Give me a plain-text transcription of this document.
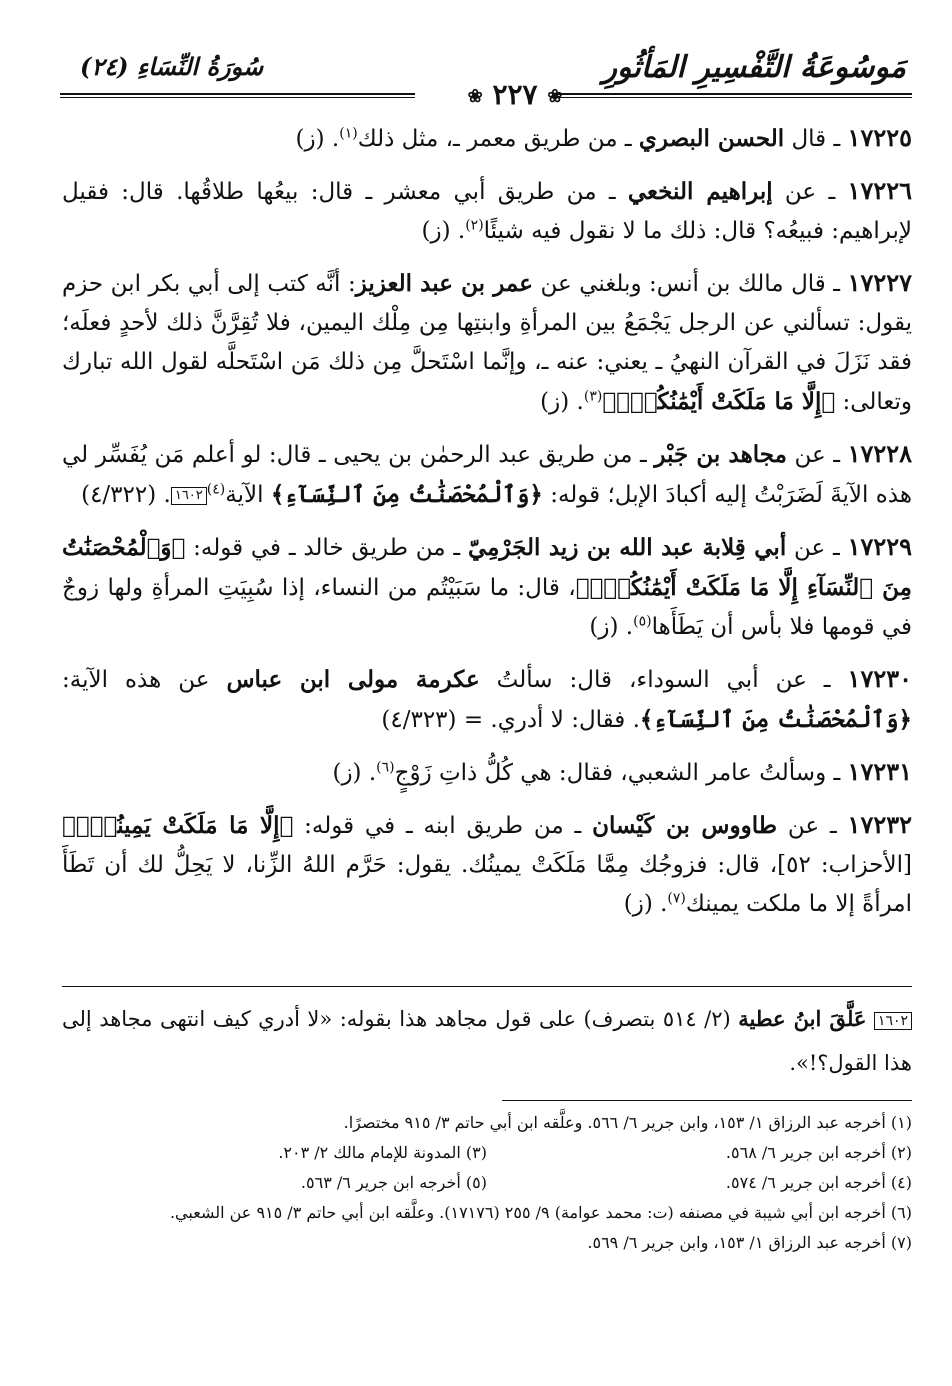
مَوسُوعَةُ التَّفْسِيرِ المَأثُورِ
سُورَةُ النِّسَاءِ (٢٤)
❀ ٢٢٧ ❀

١٧٢٢٥ ـ قال الحسن البصري ـ من طريق معمر ـ، مثل ذلك$^{(١)}$. (ز)

١٧٢٢٦ ـ عن إبراهيم النخعي ـ من طريق أبي معشر ـ قال: بيعُها طلاقُها. قال: فقيل لإبراهيم: فبيعُه؟ قال: ذلك ما لا نقول فيه شيئًا$^{(٢)}$. (ز)

١٧٢٢٧ ـ قال مالك بن أنس: وبلغني عن عمر بن عبد العزيز: أنَّه كتب إلى أبي بكر ابن حزم يقول: تسألني عن الرجل يَجْمَعُ بين المرأةِ وابنتِها مِن مِلْك اليمين، فلا تُقِرَّنَّ ذلك لأحدٍ فعلَه؛ فقد نَزَلَ في القرآن النهيُ ـ يعني: عنه ـ، وإنَّما اسْتَحلَّ مِن ذلك مَن اسْتَحلَّه لقول الله تبارك وتعالى: ﴿إِلَّا مَا مَلَكَتْ أَيْمَٰنُكُمْۖ﴾$^{(٣)}$. (ز)

١٧٢٢٨ ـ عن مجاهد بن جَبْر ـ من طريق عبد الرحمٰن بن يحيى ـ قال: لو أعلم مَن يُفَسِّر لي هذه الآيةَ لَضَرَبْتُ إليه أكبادَ الإبل؛ قوله: ﴿وَٱلْمُحْصَنَٰتُ مِنَ ٱلنِّسَآءِ﴾ الآية$^{(٤)}$١٦٠٢. (٤/٣٢٢)

١٧٢٢٩ ـ عن أبي قِلابة عبد الله بن زيد الجَرْمِيّ ـ من طريق خالد ـ في قوله: ﴿وَٱلْمُحْصَنَٰتُ مِنَ ٱلنِّسَآءِ إِلَّا مَا مَلَكَتْ أَيْمَٰنُكُمْۖ﴾، قال: ما سَبَيْتُم من النساء، إذا سُبِيَتِ المرأةِ ولها زوجٌ في قومها فلا بأس أن يَطَأَها$^{(٥)}$. (ز)

١٧٢٣٠ ـ عن أبي السوداء، قال: سألتُ عكرمة مولى ابن عباس عن هذه الآية: ﴿وَٱلْمُحْصَنَٰتُ مِنَ ٱلنِّسَآءِ﴾. فقال: لا أدري. = (٤/٣٢٣)

١٧٢٣١ ـ وسألتُ عامر الشعبي، فقال: هي كُلُّ ذاتِ زَوْجٍ$^{(٦)}$. (ز)

١٧٢٣٢ ـ عن طاووس بن كَيْسان ـ من طريق ابنه ـ في قوله: ﴿إِلَّا مَا مَلَكَتْ يَمِينُكَۗ﴾ [الأحزاب: ٥٢]، قال: فزوجُك مِمَّا مَلَكَتْ يمينُك. يقول: حَرَّم اللهُ الزِّنا، لا يَحِلُّ لك أن تَطَأَ امرأةً إلا ما ملكت يمينك$^{(٧)}$. (ز)

١٦٠٢ عَلَّقَ ابنُ عطية (٢/ ٥١٤ بتصرف) على قول مجاهد هذا بقوله: «لا أدري كيف انتهى مجاهد إلى هذا القول؟!».
(١) أخرجه عبد الرزاق ١/ ١٥٣، وابن جرير ٦/ ٥٦٦. وعلَّقه ابن أبي حاتم ٣/ ٩١٥ مختصرًا.
(٢) أخرجه ابن جرير ٦/ ٥٦٨.
(٣) المدونة للإمام مالك ٢/ ٢٠٣.
(٤) أخرجه ابن جرير ٦/ ٥٧٤.
(٥) أخرجه ابن جرير ٦/ ٥٦٣.
(٦) أخرجه ابن أبي شيبة في مصنفه (ت: محمد عوامة) ٩/ ٢٥٥ (١٧١٧٦). وعلَّقه ابن أبي حاتم ٣/ ٩١٥ عن الشعبي.
(٧) أخرجه عبد الرزاق ١/ ١٥٣، وابن جرير ٦/ ٥٦٩.
